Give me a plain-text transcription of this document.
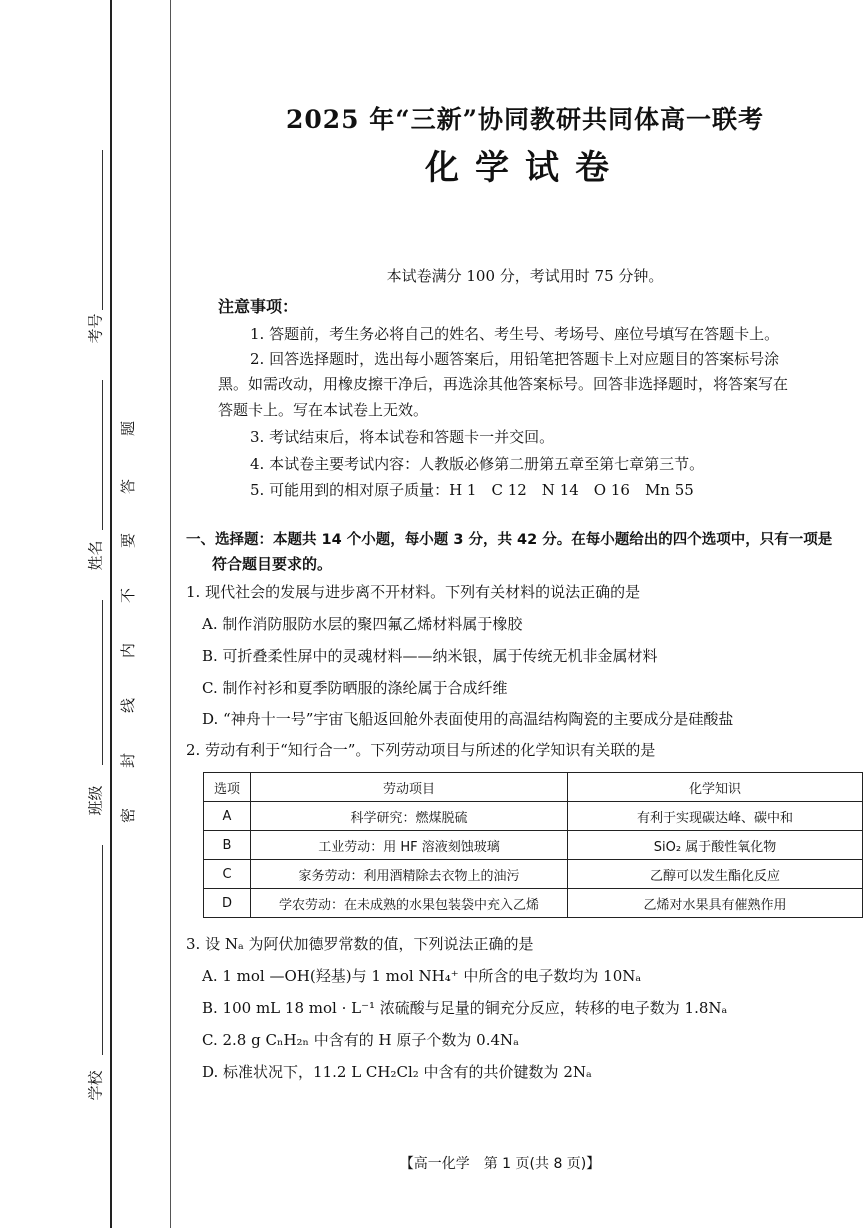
考号
姓名
班级
学校
题
答
要
不
内
线
封
密
2025 年“三新”协同教研共同体高一联考
化学试卷
本试卷满分 100 分，考试用时 75 分钟。
注意事项：
1. 答题前，考生务必将自己的姓名、考生号、考场号、座位号填写在答题卡上。
2. 回答选择题时，选出每小题答案后，用铅笔把答题卡上对应题目的答案标号涂
黑。如需改动，用橡皮擦干净后，再选涂其他答案标号。回答非选择题时，将答案写在
答题卡上。写在本试卷上无效。
3. 考试结束后，将本试卷和答题卡一并交回。
4. 本试卷主要考试内容：人教版必修第二册第五章至第七章第三节。
5. 可能用到的相对原子质量：H 1　C 12　N 14　O 16　Mn 55
一、选择题：本题共 14 个小题，每小题 3 分，共 42 分。在每小题给出的四个选项中，只有一项是
符合题目要求的。
1. 现代社会的发展与进步离不开材料。下列有关材料的说法正确的是
A. 制作消防服防水层的聚四氟乙烯材料属于橡胶
B. 可折叠柔性屏中的灵魂材料——纳米银，属于传统无机非金属材料
C. 制作衬衫和夏季防晒服的涤纶属于合成纤维
D. “神舟十一号”宇宙飞船返回舱外表面使用的高温结构陶瓷的主要成分是硅酸盐
2. 劳动有利于“知行合一”。下列劳动项目与所述的化学知识有关联的是
选项	劳动项目	化学知识
A	科学研究：燃煤脱硫	有利于实现碳达峰、碳中和
B	工业劳动：用 HF 溶液刻蚀玻璃	SiO₂ 属于酸性氧化物
C	家务劳动：利用酒精除去衣物上的油污	乙醇可以发生酯化反应
D	学农劳动：在未成熟的水果包装袋中充入乙烯	乙烯对水果具有催熟作用
3. 设 Nₐ 为阿伏加德罗常数的值，下列说法正确的是
A. 1 mol —OH(羟基)与 1 mol NH₄⁺ 中所含的电子数均为 10Nₐ
B. 100 mL 18 mol · L⁻¹ 浓硫酸与足量的铜充分反应，转移的电子数为 1.8Nₐ
C. 2.8 g CₙH₂ₙ 中含有的 H 原子个数为 0.4Nₐ
D. 标准状况下，11.2 L CH₂Cl₂ 中含有的共价键数为 2Nₐ
【高一化学　第 1 页(共 8 页)】
